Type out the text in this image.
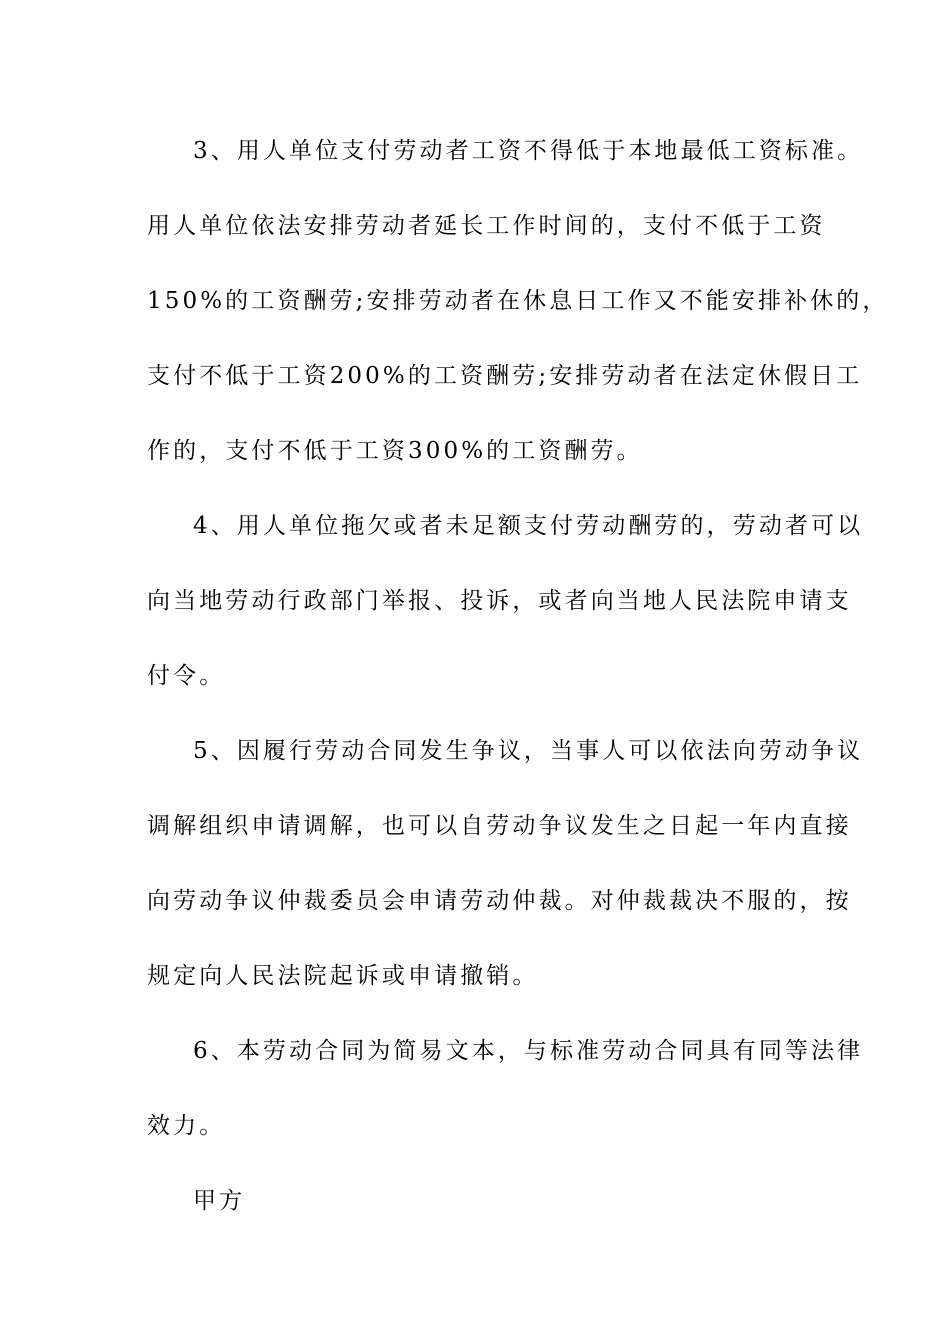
3、用人单位支付劳动者工资不得低于本地最低工资标准。
用人单位依法安排劳动者延长工作时间的，支付不低于工资
150%的工资酬劳;安排劳动者在休息日工作又不能安排补休的，
支付不低于工资200%的工资酬劳;安排劳动者在法定休假日工
作的，支付不低于工资300%的工资酬劳。
4、用人单位拖欠或者未足额支付劳动酬劳的，劳动者可以
向当地劳动行政部门举报、投诉，或者向当地人民法院申请支
付令。
5、因履行劳动合同发生争议，当事人可以依法向劳动争议
调解组织申请调解，也可以自劳动争议发生之日起一年内直接
向劳动争议仲裁委员会申请劳动仲裁。对仲裁裁决不服的，按
规定向人民法院起诉或申请撤销。
6、本劳动合同为简易文本，与标准劳动合同具有同等法律
效力。
甲方
